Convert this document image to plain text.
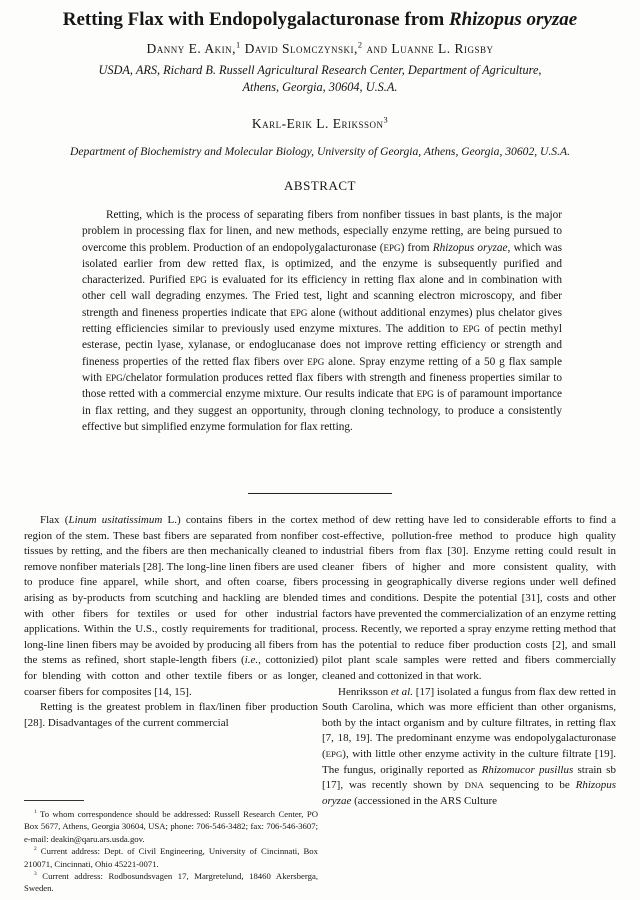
Retting Flax with Endopolygalacturonase from Rhizopus oryzae
Danny E. Akin,$^1$ David Slomczynski,$^2$ and Luanne L. Rigsby
USDA, ARS, Richard B. Russell Agricultural Research Center, Department of Agriculture,
Athens, Georgia, 30604, U.S.A.
Karl-Erik L. Eriksson$^3$
Department of Biochemistry and Molecular Biology, University of Georgia, Athens, Georgia, 30602, U.S.A.
ABSTRACT

Retting, which is the process of separating fibers from nonfiber tissues in bast plants, is the major problem in processing flax for linen, and new methods, especially enzyme retting, are being pursued to overcome this problem. Production of an endopolygalacturonase (EPG) from Rhizopus oryzae, which was isolated earlier from dew retted flax, is optimized, and the enzyme is subsequently purified and characterized. Purified EPG is evaluated for its efficiency in retting flax alone and in combination with other cell wall degrading enzymes. The Fried test, light and scanning electron microscopy, and fiber strength and fineness properties indicate that EPG alone (without additional enzymes) plus chelator gives retting efficiencies similar to previously used enzyme mixtures. The addition to EPG of pectin methyl esterase, pectin lyase, xylanase, or endoglucanase does not improve retting efficiency or strength and fineness properties of the retted flax fibers over EPG alone. Spray enzyme retting of a 50 g flax sample with EPG/chelator formulation produces retted flax fibers with strength and fineness properties similar to those retted with a commercial enzyme mixture. Our results indicate that EPG is of paramount importance in flax retting, and they suggest an opportunity, through cloning technology, to produce a consistently effective but simplified enzyme formulation for flax retting.

Flax (Linum usitatissimum L.) contains fibers in the cortex region of the stem. These bast fibers are separated from nonfiber tissues by retting, and the fibers are then mechanically cleaned to remove nonfiber materials [28]. The long-line linen fibers are used to produce fine apparel, while short, and often coarse, fibers arising as by-products from scutching and hackling are blended with other fibers for textiles or used for other industrial applications. Within the U.S., costly requirements for traditional, long-line linen fibers may be avoided by producing all fibers from the stems as refined, short staple-length fibers (i.e., cottonizied) for blending with cotton and other textile fibers or as longer, coarser fibers for composites [14, 15].

Retting is the greatest problem in flax/linen fiber production [28]. Disadvantages of the current commercial

method of dew retting have led to considerable efforts to find a cost-effective, pollution-free method to produce high quality industrial fibers from flax [30]. Enzyme retting could result in cleaner fibers of higher and more consistent quality, with processing in geographically diverse regions under well defined times and conditions. Despite the potential [31], costs and other factors have prevented the commercialization of an enzyme retting process. Recently, we reported a spray enzyme retting method that has the potential to reduce fiber production costs [2], and small pilot plant scale samples were retted and fibers commercially cleaned and cottonized in that work.

Henriksson et al. [17] isolated a fungus from flax dew retted in South Carolina, which was more efficient than other organisms, both by the intact organism and by culture filtrates, in retting flax [7, 18, 19]. The predominant enzyme was endopolygalacturonase (EPG), with little other enzyme activity in the culture filtrate [19]. The fungus, originally reported as Rhizomucor pusillus strain sb [17], was recently shown by DNA sequencing to be Rhizopus oryzae (accessioned in the ARS Culture

$^1$ To whom correspondence should be addressed: Russell Research Center, PO Box 5677, Athens, Georgia 30604, USA; phone: 706-546-3482; fax: 706-546-3607; e-mail: deakin@qaru.ars.usda.gov.

$^2$ Current address: Dept. of Civil Engineering, University of Cincinnati, Box 210071, Cincinnati, Ohio 45221-0071.

$^3$ Current address: Rodbosundsvagen 17, Margretelund, 18460 Akersberga, Sweden.
